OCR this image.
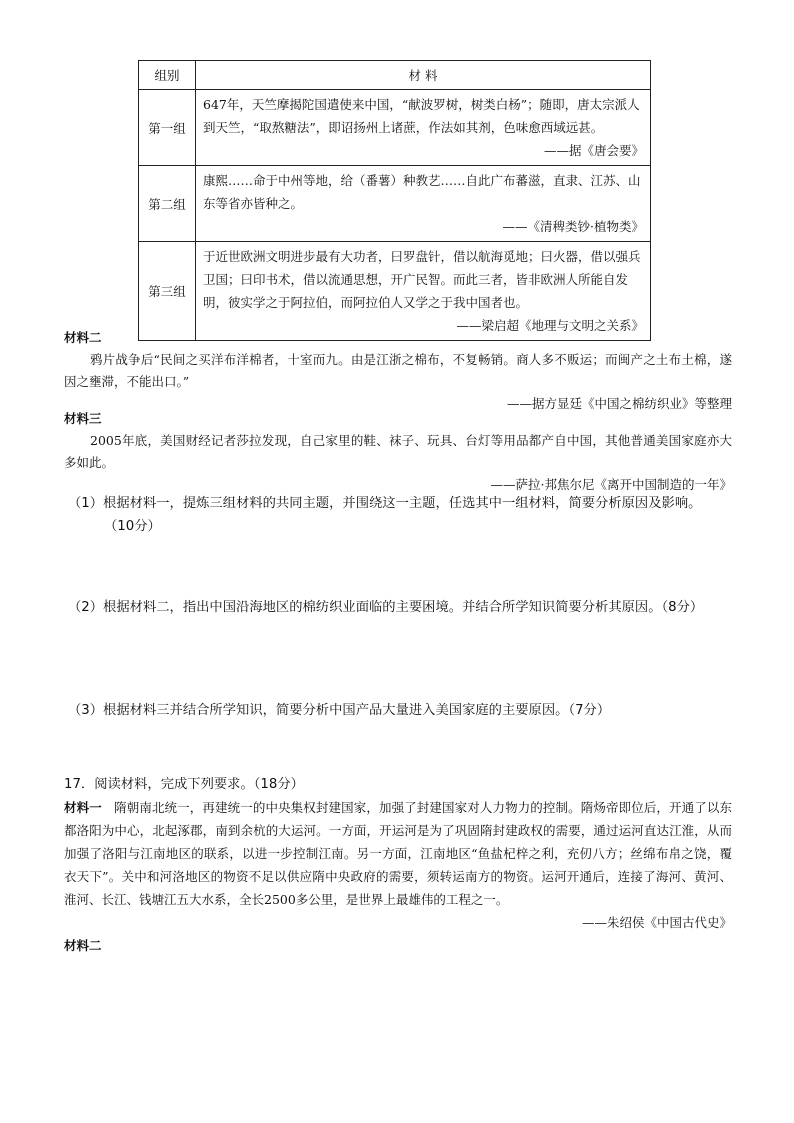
组别	材 料
第一组	647年，天竺摩揭陀国遣使来中国，“献波罗树，树类白杨”；随即，唐太宗派人到天竺，“取熬糖法”，即诏扬州上诸蔗，作法如其剂，色味愈西域远甚。
——据《唐会要》

第二组	康熙……命于中州等地，给（番薯）种教艺……自此广布蕃滋，直隶、江苏、山东等省亦皆种之。
——《清稗类钞·植物类》

第三组	于近世欧洲文明进步最有大功者，曰罗盘针，借以航海觅地；曰火器，借以强兵卫国；曰印书术，借以流通思想，开广民智。而此三者，皆非欧洲人所能自发明，彼实学之于阿拉伯，而阿拉伯人又学之于我中国者也。
——梁启超《地理与文明之关系》
材料二
鸦片战争后“民间之买洋布洋棉者，十室而九。由是江浙之棉布，不复畅销。商人多不贩运；而闽产之土布土棉，遂因之壅滞，不能出口。”
——据方显廷《中国之棉纺织业》等整理
材料三
2005年底，美国财经记者莎拉发现，自己家里的鞋、袜子、玩具、台灯等用品都产自中国，其他普通美国家庭亦大多如此。
——萨拉·邦焦尔尼《离开中国制造的一年》
（1）根据材料一，提炼三组材料的共同主题，并围绕这一主题，任选其中一组材料，简要分析原因及影响。
（10分）
（2）根据材料二，指出中国沿海地区的棉纺织业面临的主要困境。并结合所学知识简要分析其原因。（8分）
（3）根据材料三并结合所学知识，简要分析中国产品大量进入美国家庭的主要原因。（7分）
17．阅读材料，完成下列要求。（18分）
材料一 隋朝南北统一，再建统一的中央集权封建国家，加强了封建国家对人力物力的控制。隋炀帝即位后，开通了以东都洛阳为中心，北起涿郡，南到余杭的大运河。一方面，开运河是为了巩固隋封建政权的需要，通过运河直达江淮，从而加强了洛阳与江南地区的联系，以进一步控制江南。另一方面，江南地区“鱼盐杞梓之利，充仞八方；丝绵布帛之饶，覆衣天下”。关中和河洛地区的物资不足以供应隋中央政府的需要，须转运南方的物资。运河开通后，连接了海河、黄河、淮河、长江、钱塘江五大水系，全长2500多公里，是世界上最雄伟的工程之一。
——朱绍侯《中国古代史》
材料二
